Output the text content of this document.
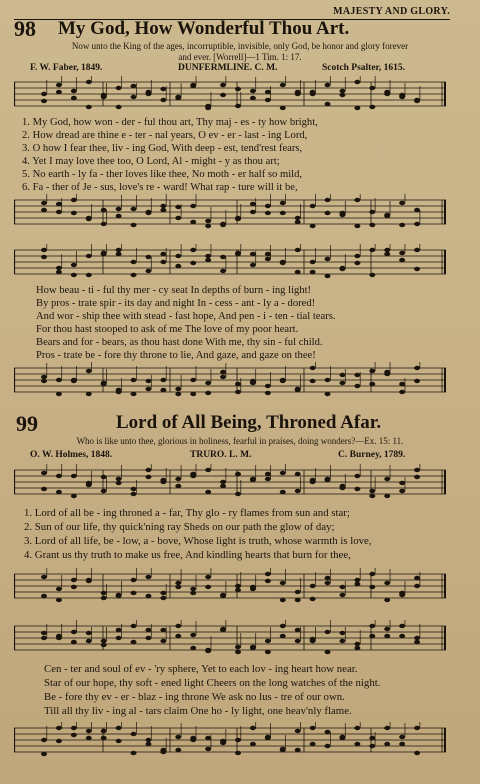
MAJESTY AND GLORY.
98 My God, How Wonderful Thou Art.
Now unto the King of the ages, incorruptible, invisible, only God, be honor and glory forever
and ever. [Worrell]—1 Tim. 1: 17.
F. W. Faber, 1849.	DUNFERMLINE. C. M.	Scotch Psalter, 1615.
1. My God, how won - der - ful thou art, Thy maj - es - ty how bright,
2. How dread are thine e - ter - nal years, O ev - er - last - ing Lord,
3. O how I fear thee, liv - ing God, With deep - est, tend'rest fears,
4. Yet I may love thee too, O Lord, Al - might - y as thou art;
5. No earth - ly fa - ther loves like thee, No moth - er half so mild,
6. Fa - ther of Je - sus, love's re - ward! What rap - ture will it be,
How beau - ti - ful thy mer - cy seat In depths of burn - ing light!
By pros - trate spir - its day and night In - cess - ant - ly a - dored!
And wor - ship thee with stead - fast hope, And pen - i - ten - tial tears.
For thou hast stooped to ask of me The love of my poor heart.
Bears and for - bears, as thou hast done With me, thy sin - ful child.
Pros - trate be - fore thy throne to lie, And gaze, and gaze on thee!
99	Lord of All Being, Throned Afar.
Who is like unto thee, glorious in holiness, fearful in praises, doing wonders?—Ex. 15: 11.
O. W. Holmes, 1848.	TRURO. L. M.	C. Burney, 1789.
1. Lord of all be - ing throned a - far, Thy glo - ry flames from sun and star;
2. Sun of our life, thy quick'ning ray Sheds on our path the glow of day;
3. Lord of all life, be - low, a - bove, Whose light is truth, whose warmth is love,
4. Grant us thy truth to make us free, And kindling hearts that burn for thee,
Cen - ter and soul of ev - 'ry sphere, Yet to each lov - ing heart how near.
Star of our hope, thy soft - ened light Cheers on the long watches of the night.
Be - fore thy ev - er - blaz - ing throne We ask no lus - tre of our own.
Till all thy liv - ing al - tars claim One ho - ly light, one heav'nly flame.
